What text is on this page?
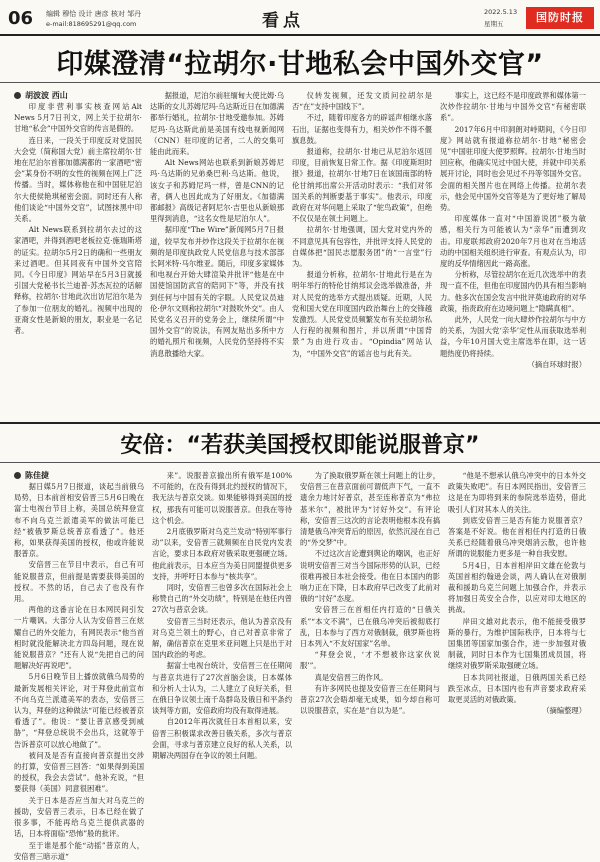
06 编辑 穆恰 设计 唐彦 核对 邹丹
e-mail:818695291@qq.com	看点	2022.5.13
星期五	国防时报
印媒澄清“拉胡尔·甘地私会中国外交官”

胡波波 西山

印度非营利事实核查网站Alt News 5月7日刊文，网上关于拉胡尔·甘地“私会”中国外交官的传言是假的。

连日来，一段关于印度反对党国民大会党（简称国大党）前主席拉胡尔·甘地在尼泊尔首都加德满都的一家酒吧“密会”某身份不明的女性的视频在网上广泛传播。当时，媒体称他在和中国驻尼泊尔大使侯艳琪秘密会面。同时还有人称他们谈论“中国外交官”，试图抹黑中印关系。

Alt News联系到拉胡尔去过的这家酒吧，并得到酒吧老板拉克·施瑞斯塔的证实。拉胡尔5月2日的确和一些朋友来过酒吧。但其同夜有中国外交官陪同。《今日印度》网站早在5月3日就援引国大党秘书长兰迪普·苏杰瓦拉的话解释称，拉胡尔·甘地此次出访尼泊尔是为了参加一位朋友的婚礼。视频中出现的亚裔女性是新娘的朋友，职业是一名记者。

据报道，尼泊尔前驻缅甸大使比姆·乌达斯的女儿苏姆尼玛·乌达斯近日在加德满都举行婚礼，拉胡尔·甘地受邀参加。苏姆尼玛·乌达斯此前是美国有线电视新闻网（CNN）驻印度的记者，二人的交集可能由此而来。

Alt News网站也联系到新娘苏姆尼玛·乌达斯的兄弟桑巴利·乌达斯。他说，该女子和苏姆尼玛一样，曾是CNN的记者，俩人也因此成为了好朋友。《加德满都邮报》高级记者阿尼尔·吉里也从新娘那里得到消息，“这名女性是尼泊尔人”。

据印度“The Wire”新闻网5月7日报道，较早发布并炒作这段关于拉胡尔在视频的是印度执政党人民党信息与技术部部长阿米特·马尔维亚。随后，印度多家媒体和电视台开始大肆渲染并批评“他是在中国使馆国防武官的陪同下”等，并没有找到任何与中国有关的字眼。人民党议员迪伦·伊尔文则称拉胡尔“对鼓吹外交”。由人民党名义召开的党务会上，继续所谓“中国外交官”的说法，有网友贴出多所中方的婚礼照片和视频，人民党仍坚持将不实消息散播给大家。

仪转发视频，还发文质问拉胡尔是否“在”支持中国线下”。

不过，随着印度各方的辟谣声相继水落石出，证据也变得有力，相关炒作不得不偃旗息鼓。

报道称，拉胡尔·甘地已从尼泊尔返回印度，目前恢复日常工作。据《印度斯坦时报》报道，拉胡尔·甘地7日在该国南部的特伦甘纳邦出席公开活动时表示：“我们对邻国关系的判断要基于事实”。他表示，印度政府在对华问题上采取了“鸵鸟政策”，但绝不仅仅是在领土问题上。

拉胡尔·甘地强调，国大党对党内外的不同意见具有包容性，并批评支持人民党的自媒体把“国民志愿服务团”的“一言堂”行为。

报道分析称，拉胡尔·甘地此行是在为明年举行的特伦甘纳邦议会选举做准备，并对人民党的选举方式提出质疑。近期，人民党和国大党在印度国内政治舞台上的交锋越发激烈。人民党党员频繁发布有关拉胡尔私人行程的视频和图片，并以所谓“中国背景”为由进行攻击。“Opindia”网站认为，“中国外交官”的谣言也与此有关。

事实上，这已经不是印度政界和媒体第一次炒作拉胡尔·甘地与中国外交官“有秘密联系”。

2017年6月中印洞朗对峙期间，《今日印度》网站就有报道称拉胡尔·甘地“秘密会见”中国驻印度大使罗照辉。拉胡尔·甘地当时回应称，他确实见过中国大使，并就中印关系展开讨论，同时也会见过不丹等邻国外交官。会面的相关图片也在网络上传播。拉胡尔表示，他会见中国外交官等是为了更好地了解局势。

印度媒体一直对“中国游说团”极为敏感，相关行为可能被认为“亲华”而遭到攻击。印度联邦政府2020年7月也对在当地活动的中国相关组织进行审查。有观点认为，印度的反华情绪因此一路高涨。

分析称，尽管拉胡尔在近几次选举中的表现一直不佳，但他在印度国内仍具有相当影响力。他多次在国会发言中批评莫迪政府的对华政策，指责政府在边境问题上“隐瞒真相”。

此外，人民党一向大肆炒作拉胡尔与中方的关系，为国大党‘亲华’定性从而获取选举利益，今年10月国大党主席选举在即，这一话题热度仍将持续。

（摘自环球时报）

安倍：“若获美国授权即能说服普京”

陈佳捷

据日媒5月7日报道，谈起当前俄乌局势，日本前首相安倍晋三5月6日晚在富士电视台节目上称，美国总统拜登宣布不向乌克兰派遣美军的做法可能已经“被俄罗斯总统普京看透了”。他还称，如果获得美国的授权，他或许能说服普京。

安倍晋三在节目中表示，自己有可能说服普京，但前提是需要获得美国的授权。不然的话，自己去了也没有作用。

两他的这番言论在日本网民间引发一片嘲讽。大部分人认为安倍晋三在炫耀自己的外交能力，有网民表示“他当首相时就没能解决北方四岛问题，现在说能说服普京？”还有人说“先把自己的问题解决好再说吧”。

5月6日晚节目上播放就俄乌局势的最新发展相关评论，对于拜登此前宣布不向乌克兰派遣美军的表态，安倍晋三认为，拜登的这种做法“可能已经被普京看透了”。他说：“要让普京感受到威胁”，“拜登总统说不会出兵，这就等于告诉普京可以放心地做了”。

被问及是否有直接向普京提出交涉的打算，安倍晋三回答：“如果得到美国的授权，我会去尝试”。他补充说，“但要获得（美国）同意很困难”。

关于日本是否应当加大对乌克兰的援助，安倍晋三表示，日本已经在做了很多事，不能再给乌克兰提供武器的话，日本将面临“恐怖”般的批评。

至于谁是那个能“动摇”普京的人，安倍晋三暗示道“

来”。说服普京撤出所有俄军是100%不可能的，在没有得到北约授权的情况下，我无法与普京交谈。如果能够得到美国的授权，那我有可能可以说服普京。但我在等待这个机会。

2月底俄罗斯对乌克兰发动“特别军事行动”以来，安倍晋三就频频在自民党内发表言论，要求日本政府对俄采取更强硬立场。他此前表示，日本应当为美日同盟提供更多支持，并呼吁日本参与“核共享”。

同时，安倍晋三也曾多次在国际社会上称赞自己的“外交功绩”，特别是在他任内曾27次与普京会谈。

安倍晋三当时还表示，他认为普京没有对乌克兰领土的野心，自己对普京非常了解，确信普京在克里米亚问题上只是出于对国内政治的考虑。

据富士电视台统计，安倍晋三在任期间与普京共进行了27次首脑会谈，日本媒体和分析人士认为，二人建立了良好关系，但在俄日争议领土南千岛群岛及俄日和平条约谈判等方面，安倍政府均没有取得进展。

自2012年再次就任日本首相以来，安倍晋三积极谋求改善日俄关系，多次与普京会面，寻求与普京建立良好的私人关系，以期解决两国存在争议的领土问题。

为了换取俄罗斯在领土问题上的让步，安倍晋三在普京面前可谓低声下气，一直不遗余力地讨好普京，甚至连称普京为“弗拉基米尔”，被批评为“讨好外交”。有评论称，安倍晋三这次的言论表明他根本没有搞清楚俄乌冲突背后的原因，依然沉浸在自己的“外交梦”中。

不过这次言论遭到舆论的嘲讽，也正好说明安倍晋三对当今国际形势的认识，已经很难再被日本社会接受。他在日本国内的影响力正在下降，日本政府早已改变了此前对俄的“讨好”态度。

安倍晋三在首相任内打造的“日俄关系”“本文不满”，已在俄乌冲突后被彻底打乱，日本参与了西方对俄制裁，俄罗斯也将日本列入“不友好国家”名单。

“拜登会说，‘才不想被你这家伙说服’”。

真是安倍晋三的作风。

有许多网民也提及安倍晋三在任期间与普京27次会晤却毫无成果，如今却自称可以说服普京，实在是“自以为是”。

“他是不想承认俄乌冲突中的日本外交政策失败吧”。有日本网民指出，安倍晋三这是在为即将到来的参院选举造势，借此吸引人们对其本人的关注。

到底安倍晋三是否有能力说服普京？答案是不好说。他在首相任内打造的日俄关系已经随着俄乌冲突烟消云散，也许他所谓的说服能力更多是一种自我安慰。

5月4日，日本首相岸田文雄在伦敦与英国首相约翰逊会谈，两人确认在对俄制裁和援助乌克兰问题上加强合作，并表示将加强日英安全合作，以应对印太地区的挑战。

岸田文雄对此表示，他不能接受俄罗斯的暴行，为维护国际秩序，日本将与七国集团等国家加强合作，进一步加强对俄制裁，同时日本作为七国集团成员国，将继续对俄罗斯采取强硬立场。

日本共同社报道，日俄两国关系已经跌至冰点，日本国内也有声音要求政府采取更灵活的对俄政策。

（摘编整理）
